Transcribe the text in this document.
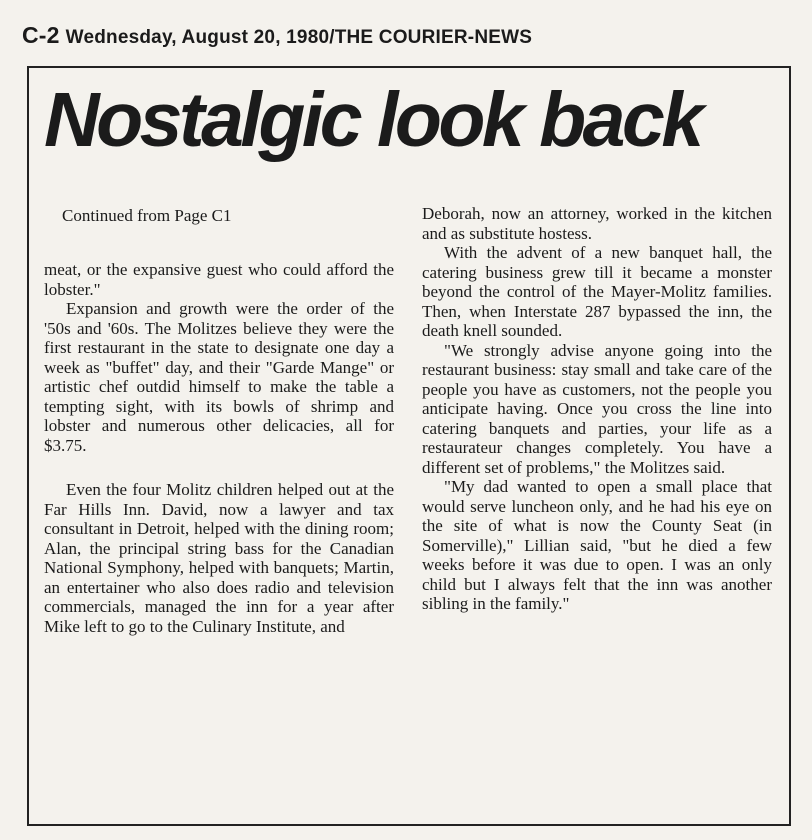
C-2 Wednesday, August 20, 1980/THE COURIER-NEWS
Nostalgic look back
Continued from Page C1

meat, or the expansive guest who could afford the lobster."

Expansion and growth were the order of the '50s and '60s. The Molitzes believe they were the first restaurant in the state to designate one day a week as "buffet" day, and their "Garde Mange" or artistic chef outdid himself to make the table a tempting sight, with its bowls of shrimp and lobster and numerous other delicacies, all for $3.75.

Even the four Molitz children helped out at the Far Hills Inn. David, now a lawyer and tax consultant in Detroit, helped with the dining room; Alan, the principal string bass for the Canadian National Symphony, helped with banquets; Martin, an entertainer who also does radio and television commercials, managed the inn for a year after Mike left to go to the Culinary Institute, and

Deborah, now an attorney, worked in the kitchen and as substitute hostess.

With the advent of a new banquet hall, the catering business grew till it became a monster beyond the control of the Mayer-Molitz families. Then, when Interstate 287 bypassed the inn, the death knell sounded.

"We strongly advise anyone going into the restaurant business: stay small and take care of the people you have as customers, not the people you anticipate having. Once you cross the line into catering banquets and parties, your life as a restaurateur changes completely. You have a different set of problems," the Molitzes said.

"My dad wanted to open a small place that would serve luncheon only, and he had his eye on the site of what is now the County Seat (in Somerville)," Lillian said, "but he died a few weeks before it was due to open. I was an only child but I always felt that the inn was another sibling in the family."
